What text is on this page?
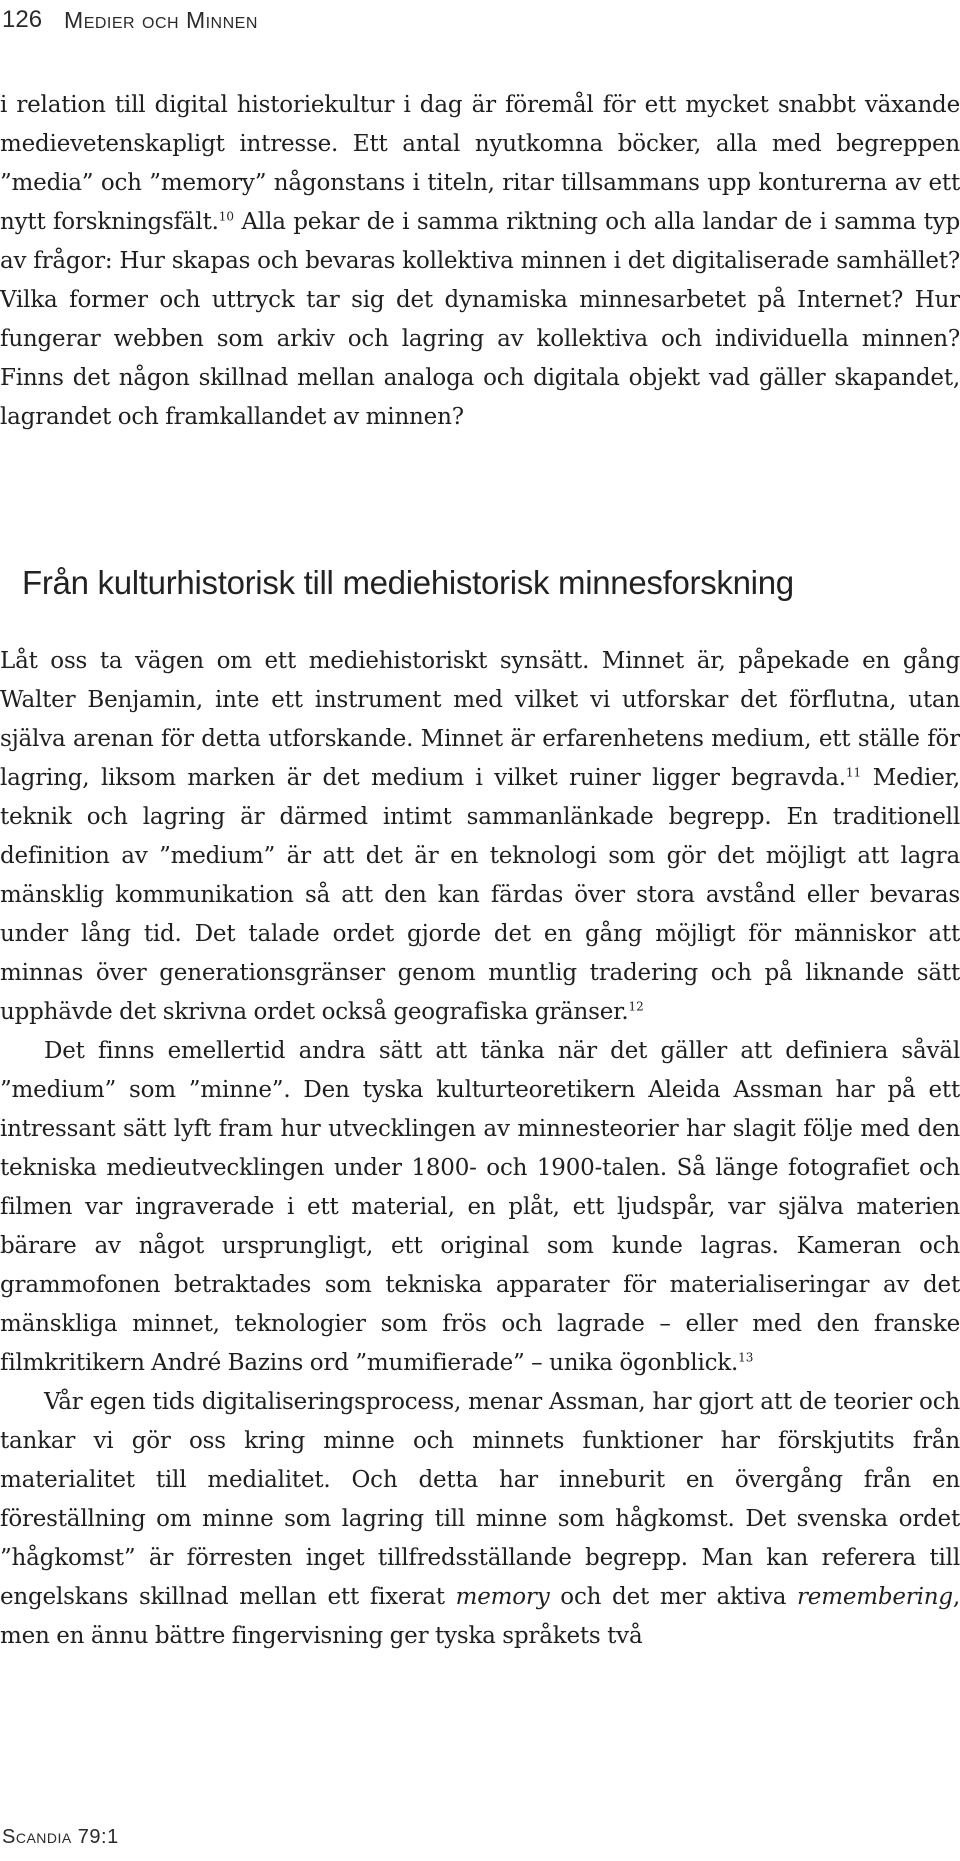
126 Medier och Minnen

i relation till digital historiekultur i dag är föremål för ett mycket snabbt växande medievetenskapligt intresse. Ett antal nyutkomna böcker, alla med begreppen ”media” och ”memory” någonstans i titeln, ritar tillsammans upp konturerna av ett nytt forskningsfält.$^{10}$ Alla pekar de i samma riktning och alla landar de i samma typ av frågor: Hur skapas och bevaras kollektiva minnen i det digitaliserade samhället? Vilka former och uttryck tar sig det dynamiska minnesarbetet på Internet? Hur fungerar webben som arkiv och lagring av kollektiva och individuella minnen? Finns det någon skillnad mellan analoga och digitala objekt vad gäller skapandet, lagrandet och framkallandet av minnen?

Från kulturhistorisk till mediehistorisk minnesforskning

Låt oss ta vägen om ett mediehistoriskt synsätt. Minnet är, påpekade en gång Walter Benjamin, inte ett instrument med vilket vi utforskar det förflutna, utan själva arenan för detta utforskande. Minnet är erfarenhetens medium, ett ställe för lagring, liksom marken är det medium i vilket ruiner ligger begravda.$^{11}$ Medier, teknik och lagring är därmed intimt sammanlänkade begrepp. En traditionell definition av ”medium” är att det är en teknologi som gör det möjligt att lagra mänsklig kommunikation så att den kan färdas över stora avstånd eller bevaras under lång tid. Det talade ordet gjorde det en gång möjligt för människor att minnas över generationsgränser genom muntlig tradering och på liknande sätt upphävde det skrivna ordet också geografiska gränser.$^{12}$

Det finns emellertid andra sätt att tänka när det gäller att definiera såväl ”medium” som ”minne”. Den tyska kulturteoretikern Aleida Assman har på ett intressant sätt lyft fram hur utvecklingen av minnesteorier har slagit följe med den tekniska medieutvecklingen under 1800- och 1900-talen. Så länge fotografiet och filmen var ingraverade i ett material, en plåt, ett ljudspår, var själva materien bärare av något ursprungligt, ett original som kunde lagras. Kameran och grammofonen betraktades som tekniska apparater för materialiseringar av det mänskliga minnet, teknologier som frös och lagrade – eller med den franske filmkritikern André Bazins ord ”mumifierade” – unika ögonblick.$^{13}$

Vår egen tids digitaliseringsprocess, menar Assman, har gjort att de teorier och tankar vi gör oss kring minne och minnets funktioner har förskjutits från materialitet till medialitet. Och detta har inneburit en övergång från en föreställning om minne som lagring till minne som hågkomst. Det svenska ordet ”hågkomst” är förresten inget tillfredsställande begrepp. Man kan referera till engelskans skillnad mellan ett fixerat memory och det mer aktiva remembering, men en ännu bättre fingervisning ger tyska språkets två

Scandia 79:1
